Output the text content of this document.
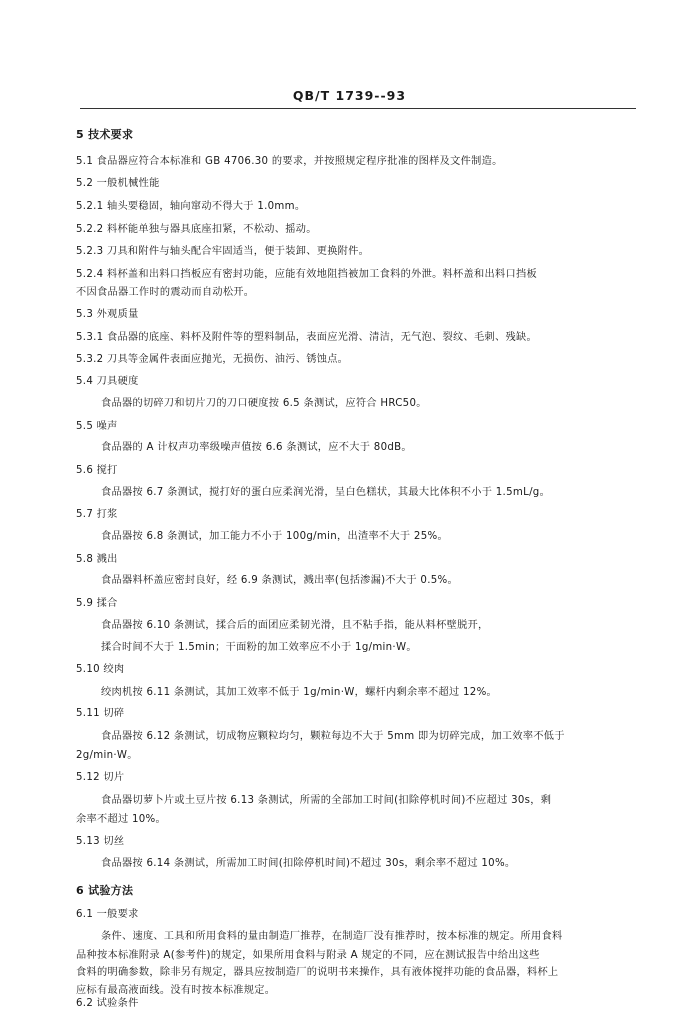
QB/T 1739--93
5 技术要求
5.1 食品器应符合本标准和 GB 4706.30 的要求，并按照规定程序批准的图样及文件制造。
5.2 一般机械性能
5.2.1 轴头要稳固，轴向窜动不得大于 1.0mm。
5.2.2 料杯能单独与器具底座扣紧，不松动、摇动。
5.2.3 刀具和附件与轴头配合牢固适当，便于装卸、更换附件。
5.2.4 料杯盖和出料口挡板应有密封功能，应能有效地阻挡被加工食料的外泄。料杯盖和出料口挡板
不因食品器工作时的震动而自动松开。
5.3 外观质量
5.3.1 食品器的底座、料杯及附件等的塑料制品，表面应光滑、清洁，无气泡、裂纹、毛刺、残缺。
5.3.2 刀具等金属件表面应抛光，无损伤、油污、锈蚀点。
5.4 刀具硬度
食品器的切碎刀和切片刀的刀口硬度按 6.5 条测试，应符合 HRC50。
5.5 噪声
食品器的 A 计权声功率级噪声值按 6.6 条测试，应不大于 80dB。
5.6 搅打
食品器按 6.7 条测试，搅打好的蛋白应柔润光滑，呈白色糕状，其最大比体积不小于 1.5mL/g。
5.7 打浆
食品器按 6.8 条测试，加工能力不小于 100g/min，出渣率不大于 25%。
5.8 溅出
食品器料杯盖应密封良好，经 6.9 条测试，溅出率(包括渗漏)不大于 0.5%。
5.9 揉合
食品器按 6.10 条测试，揉合后的面团应柔韧光滑，且不粘手指，能从料杯壁脱开，
揉合时间不大于 1.5min；干面粉的加工效率应不小于 1g/min·W。
5.10 绞肉
绞肉机按 6.11 条测试，其加工效率不低于 1g/min·W，螺杆内剩余率不超过 12%。
5.11 切碎
食品器按 6.12 条测试，切成物应颗粒均匀，颗粒每边不大于 5mm 即为切碎完成，加工效率不低于
2g/min·W。
5.12 切片
食品器切萝卜片或土豆片按 6.13 条测试，所需的全部加工时间(扣除停机时间)不应超过 30s，剩
余率不超过 10%。
5.13 切丝
食品器按 6.14 条测试，所需加工时间(扣除停机时间)不超过 30s，剩余率不超过 10%。
6 试验方法
6.1 一般要求
条件、速度、工具和所用食料的量由制造厂推荐，在制造厂没有推荐时，按本标准的规定。所用食料
品种按本标准附录 A(参考件)的规定，如果所用食料与附录 A 规定的不同，应在测试报告中给出这些
食料的明确参数，除非另有规定，器具应按制造厂的说明书来操作，具有液体搅拌功能的食品器，料杯上
应标有最高液面线。没有时按本标准规定。
6.2 试验条件
